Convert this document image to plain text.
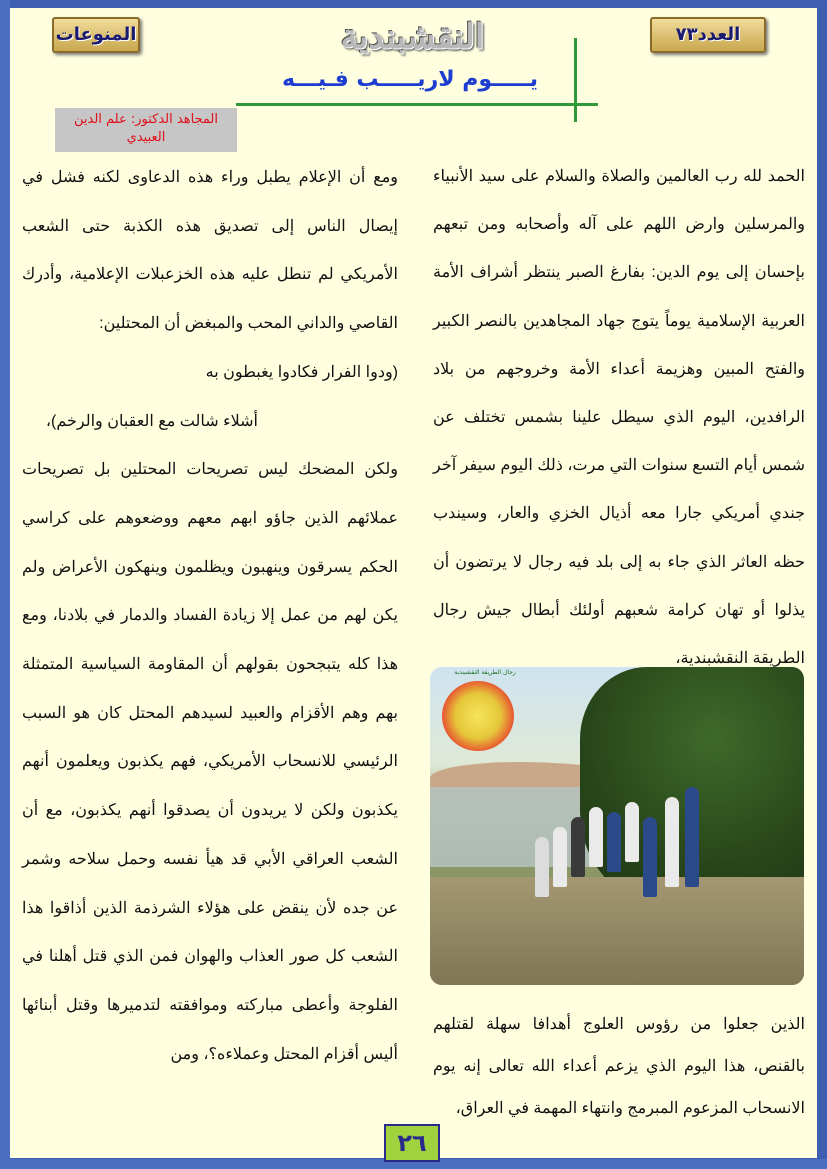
العدد٧٣
المنوعات	النقشبندية
يـــــوم لاريـــــب فـيـــه
المجاهد الدكتور: علم الدين العبيدي

الحمد لله رب العالمين والصلاة والسلام على سيد الأنبياء والمرسلين وارض اللهم على آله وأصحابه ومن تبعهم بإحسان إلى يوم الدين: بفارغ الصبر ينتظر أشراف الأمة العربية الإسلامية يوماً يتوج جهاد المجاهدين بالنصر الكبير والفتح المبين وهزيمة أعداء الأمة وخروجهم من بلاد الرافدين، اليوم الذي سيطل علينا بشمس تختلف عن شمس أيام التسع سنوات التي مرت، ذلك اليوم سيفر آخر جندي أمريكي جارا معه أذيال الخزي والعار، وسيندب حظه العاثر الذي جاء به إلى بلد فيه رجال لا يرتضون أن يذلوا أو تهان كرامة شعبهم أولئك أبطال جيش رجال الطريقة النقشبندية،

رجال الطريقة النقشبندية

الذين جعلوا من رؤوس العلوج أهدافا سهلة لقتلهم بالقنص، هذا اليوم الذي يزعم أعداء الله تعالى إنه يوم الانسحاب المزعوم المبرمج وانتهاء المهمة في العراق،

ومع أن الإعلام يطبل وراء هذه الدعاوى لكنه فشل في إيصال الناس إلى تصديق هذه الكذبة حتى الشعب الأمريكي لم تنطل عليه هذه الخزعبلات الإعلامية، وأدرك القاصي والداني المحب والمبغض أن المحتلين:

(ودوا الفرار فكادوا يغبطون به

أشلاء شالت مع العقبان والرخم)،

ولكن المضحك ليس تصريحات المحتلين بل تصريحات عملائهم الذين جاؤو ابهم معهم ووضعوهم على كراسي الحكم يسرقون وينهبون ويظلمون وينهكون الأعراض ولم يكن لهم من عمل إلا زيادة الفساد والدمار في بلادنا، ومع هذا كله يتبجحون بقولهم أن المقاومة السياسية المتمثلة بهم وهم الأقزام والعبيد لسيدهم المحتل كان هو السبب الرئيسي للانسحاب الأمريكي، فهم يكذبون ويعلمون أنهم يكذبون ولكن لا يريدون أن يصدقوا أنهم يكذبون، مع أن الشعب العراقي الأبي قد هيأ نفسه وحمل سلاحه وشمر عن جده لأن ينقض على هؤلاء الشرذمة الذين أذاقوا هذا الشعب كل صور العذاب والهوان فمن الذي قتل أهلنا في الفلوجة وأعطى مباركته وموافقته لتدميرها وقتل أبنائها أليس أقزام المحتل وعملاءه؟، ومن

٢٦
